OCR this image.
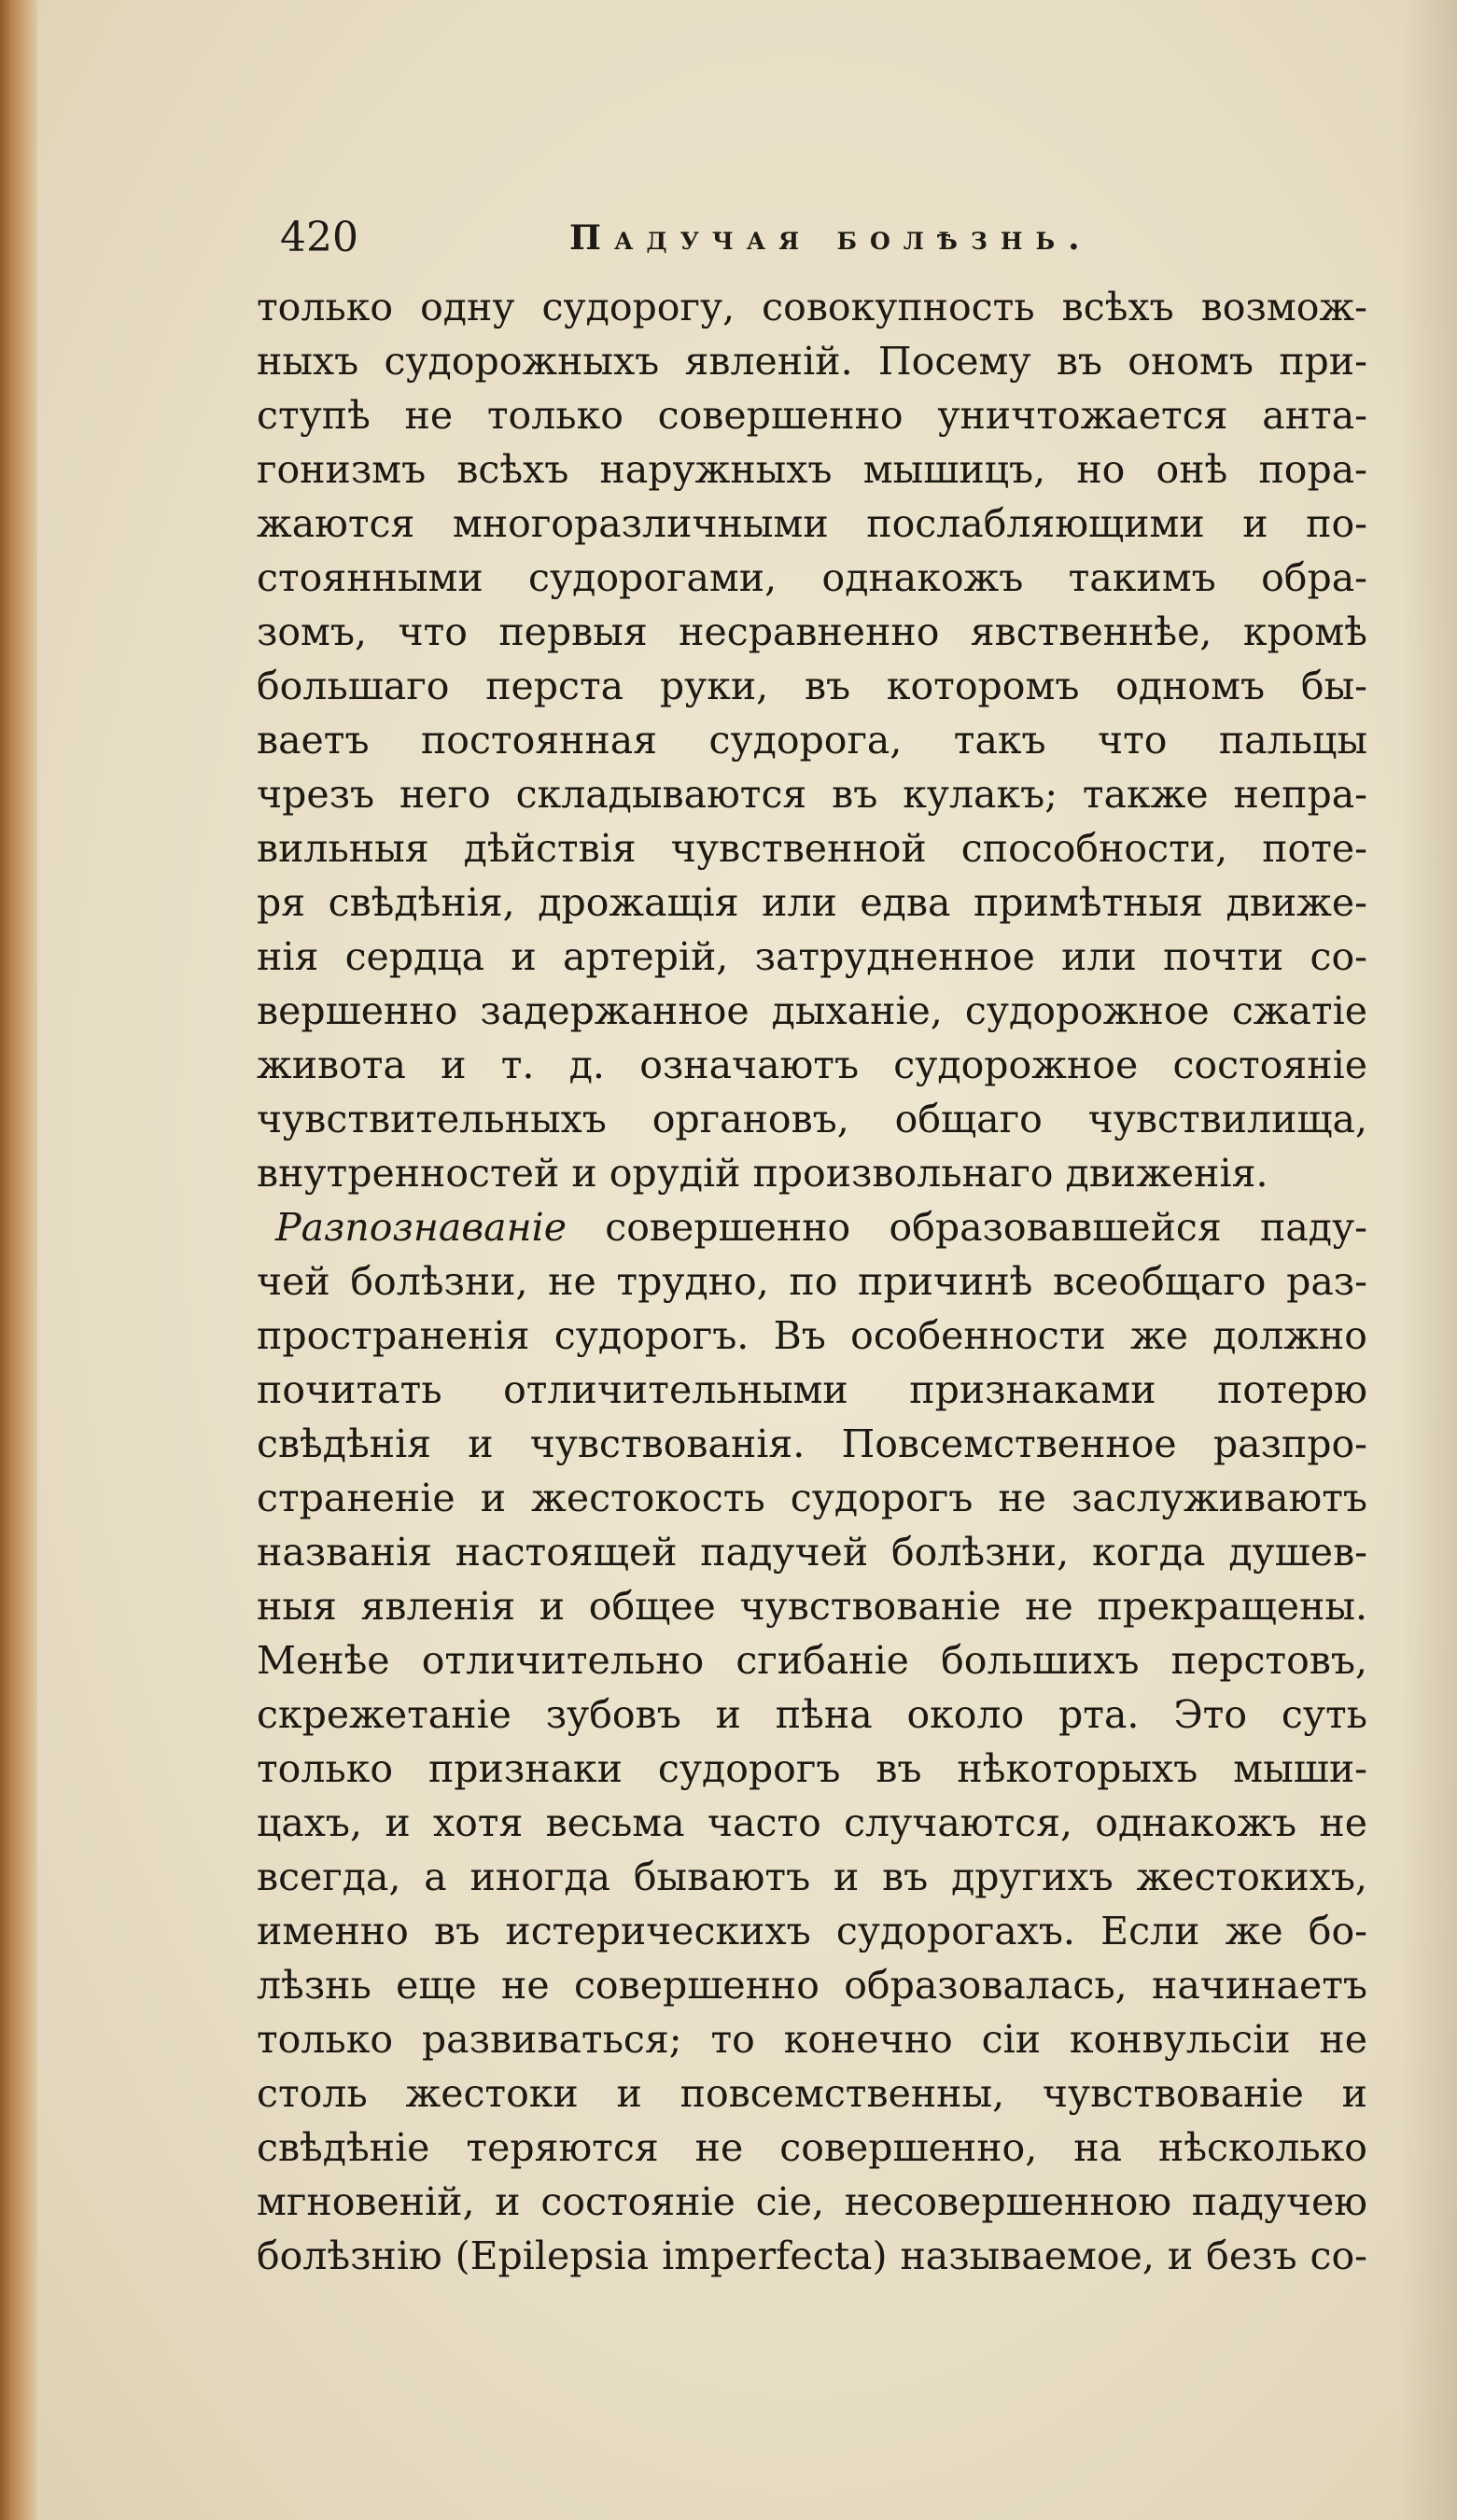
420	Падучая болѣзнь.
только одну судорогу, совокупность всѣхъ возмож-
ныхъ судорожныхъ явленій. Посему въ ономъ при-
ступѣ не только совершенно уничтожается анта-
гонизмъ всѣхъ наружныхъ мышицъ, но онѣ пора-
жаются многоразличными послабляющими и по-
стоянными судорогами, однакожъ такимъ обра-
зомъ, что первыя несравненно явственнѣе, кромѣ
большаго перста руки, въ которомъ одномъ бы-
ваетъ постоянная судорога, такъ что пальцы
чрезъ него складываются въ кулакъ; также непра-
вильныя дѣйствія чувственной способности, поте-
ря свѣдѣнія, дрожащія или едва примѣтныя движе-
нія сердца и артерій, затрудненное или почти со-
вершенно задержанное дыханіе, судорожное сжатіе
живота и т. д. означаютъ судорожное состояніе
чувствительныхъ органовъ, общаго чувствилища,
внутренностей и орудій произвольнаго движенія.
Разпознаваніе совершенно образовавшейся паду-
чей болѣзни, не трудно, по причинѣ всеобщаго раз-
пространенія судорогъ. Въ особенности же должно
почитать отличительными признаками потерю
свѣдѣнія и чувствованія. Повсемственное разпро-
страненіе и жестокость судорогъ не заслуживаютъ
названія настоящей падучей болѣзни, когда душев-
ныя явленія и общее чувствованіе не прекращены.
Менѣе отличительно сгибаніе большихъ перстовъ,
скрежетаніе зубовъ и пѣна около рта. Это суть
только признаки судорогъ въ нѣкоторыхъ мыши-
цахъ, и хотя весьма часто случаются, однакожъ не
всегда, а иногда бываютъ и въ другихъ жестокихъ,
именно въ истерическихъ судорогахъ. Если же бо-
лѣзнь еще не совершенно образовалась, начинаетъ
только развиваться; то конечно сіи конвульсіи не
столь жестоки и повсемственны, чувствованіе и
свѣдѣніе теряются не совершенно, на нѣсколько
мгновеній, и состояніе сіе, несовершенною падучею
болѣзнію (Epilepsia imperfecta) называемое, и безъ со-
